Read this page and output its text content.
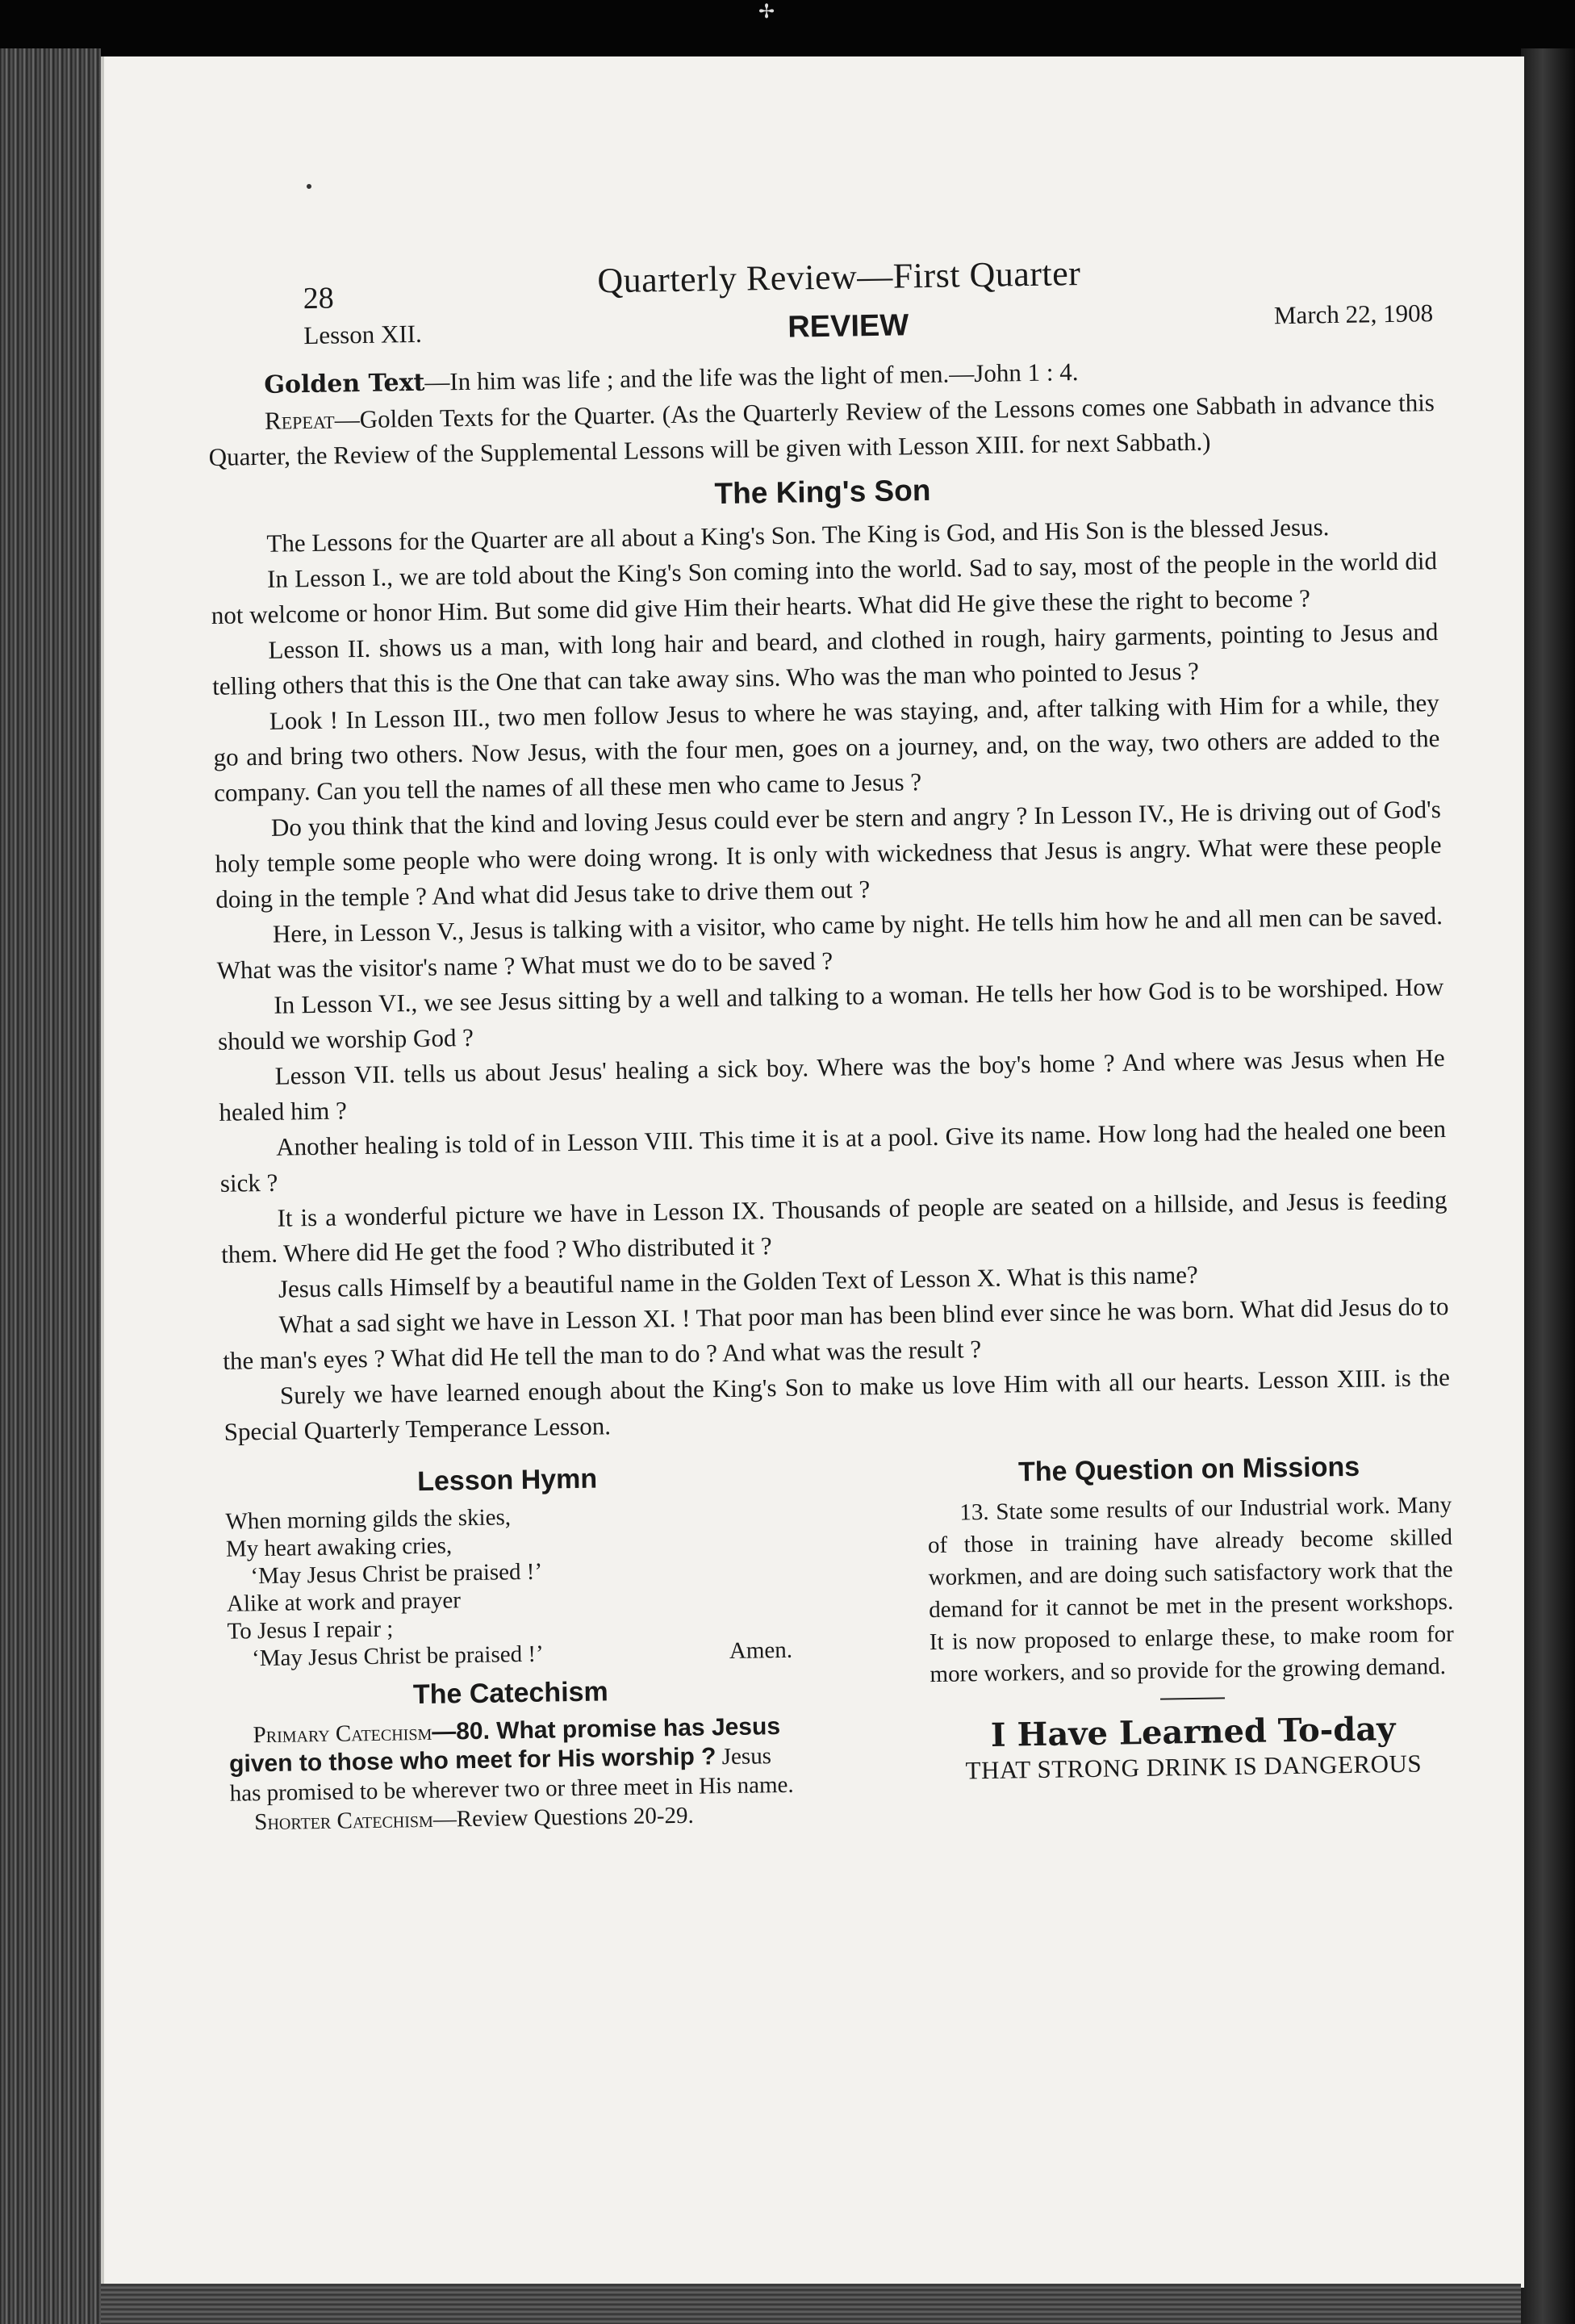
✢
28	Quarterly Review—First Quarter
Lesson XII.	REVIEW	March 22, 1908

Golden Text—In him was life ; and the life was the light of men.—John 1 : 4.

Repeat—Golden Texts for the Quarter. (As the Quarterly Review of the Lessons comes one Sabbath in advance this Quarter, the Review of the Supplemental Lessons will be given with Lesson XIII. for next Sabbath.)

The King's Son

The Lessons for the Quarter are all about a King's Son. The King is God, and His Son is the blessed Jesus.

In Lesson I., we are told about the King's Son coming into the world. Sad to say, most of the people in the world did not welcome or honor Him. But some did give Him their hearts. What did He give these the right to become ?

Lesson II. shows us a man, with long hair and beard, and clothed in rough, hairy garments, pointing to Jesus and telling others that this is the One that can take away sins. Who was the man who pointed to Jesus ?

Look ! In Lesson III., two men follow Jesus to where he was staying, and, after talking with Him for a while, they go and bring two others. Now Jesus, with the four men, goes on a journey, and, on the way, two others are added to the company. Can you tell the names of all these men who came to Jesus ?

Do you think that the kind and loving Jesus could ever be stern and angry ? In Lesson IV., He is driving out of God's holy temple some people who were doing wrong. It is only with wickedness that Jesus is angry. What were these people doing in the temple ? And what did Jesus take to drive them out ?

Here, in Lesson V., Jesus is talking with a visitor, who came by night. He tells him how he and all men can be saved. What was the visitor's name ? What must we do to be saved ?

In Lesson VI., we see Jesus sitting by a well and talking to a woman. He tells her how God is to be worshiped. How should we worship God ?

Lesson VII. tells us about Jesus' healing a sick boy. Where was the boy's home ? And where was Jesus when He healed him ?

Another healing is told of in Lesson VIII. This time it is at a pool. Give its name. How long had the healed one been sick ?

It is a wonderful picture we have in Lesson IX. Thousands of people are seated on a hillside, and Jesus is feeding them. Where did He get the food ? Who distributed it ?

Jesus calls Himself by a beautiful name in the Golden Text of Lesson X. What is this name?

What a sad sight we have in Lesson XI. ! That poor man has been blind ever since he was born. What did Jesus do to the man's eyes ? What did He tell the man to do ? And what was the result ?

Surely we have learned enough about the King's Son to make us love Him with all our hearts. Lesson XIII. is the Special Quarterly Temperance Lesson.

Lesson Hymn
When morning gilds the skies,
My heart awaking cries,
‘May Jesus Christ be praised !’
Alike at work and prayer
To Jesus I repair ;
‘May Jesus Christ be praised !’	Amen.
The Catechism

Primary Catechism—80. What promise has Jesus given to those who meet for His worship ? Jesus has promised to be wherever two or three meet in His name.

Shorter Catechism—Review Questions 20-29.

The Question on Missions

13. State some results of our Industrial work. Many of those in training have already become skilled workmen, and are doing such satisfactory work that the demand for it cannot be met in the present workshops. It is now proposed to enlarge these, to make room for more workers, and so provide for the growing demand.

I Have Learned To-day
THAT STRONG DRINK IS DANGEROUS
